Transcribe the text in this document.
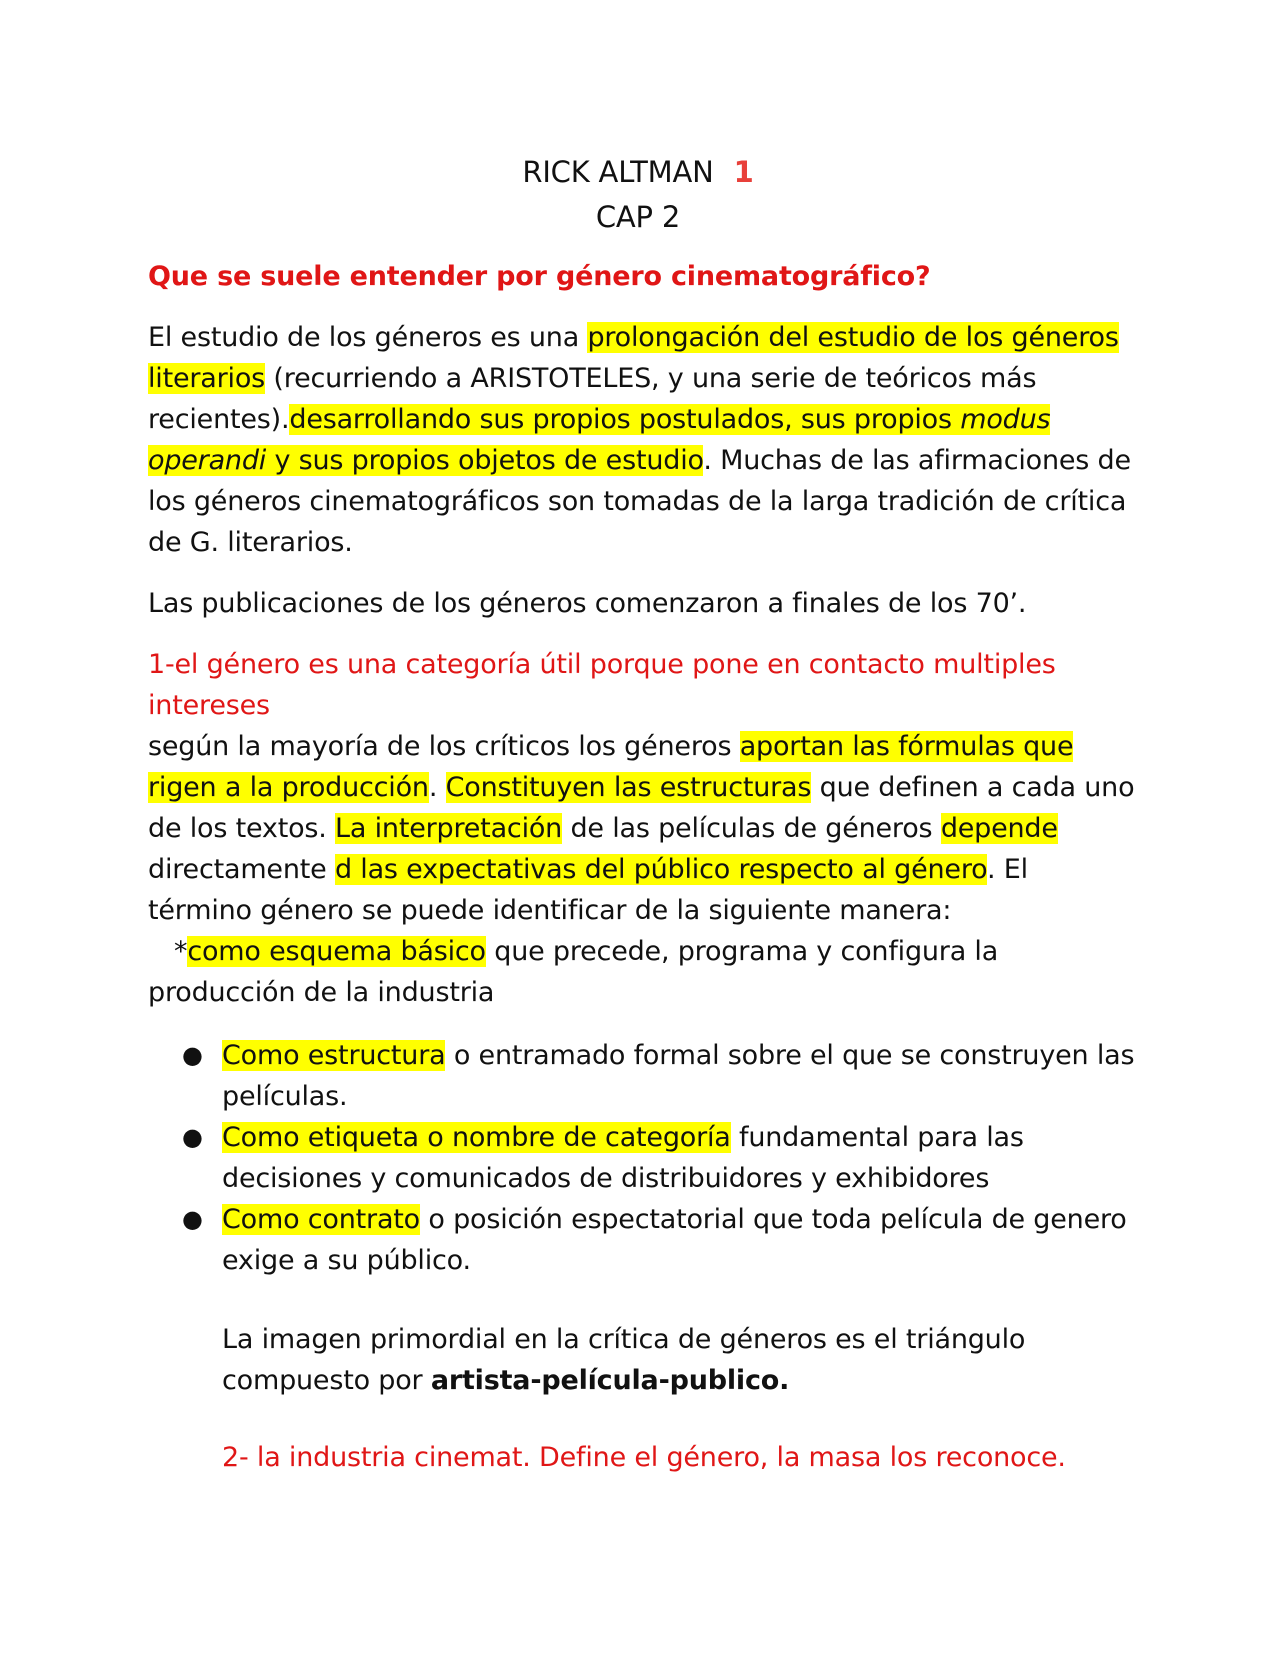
RICK ALTMAN 1
CAP 2

Que se suele entender por género cinematográfico?

El estudio de los géneros es una prolongación del estudio de los géneros literarios (recurriendo a ARISTOTELES, y una serie de teóricos más recientes).desarrollando sus propios postulados, sus propios modus operandi y sus propios objetos de estudio. Muchas de las afirmaciones de los géneros cinematográficos son tomadas de la larga tradición de crítica de G. literarios.

Las publicaciones de los géneros comenzaron a finales de los 70’.

1-el género es una categoría útil porque pone en contacto multiples intereses

según la mayoría de los críticos los géneros aportan las fórmulas que rigen a la producción. Constituyen las estructuras que definen a cada uno de los textos. La interpretación de las películas de géneros depende directamente d las expectativas del público respecto al género. El término género se puede identificar de la siguiente manera:

*como esquema básico que precede, programa y configura la producción de la industria

● Como estructura o entramado formal sobre el que se construyen las películas.
● Como etiqueta o nombre de categoría fundamental para las decisiones y comunicados de distribuidores y exhibidores
● Como contrato o posición espectatorial que toda película de genero exige a su público.

La imagen primordial en la crítica de géneros es el triángulo compuesto por artista-película-publico.

2- la industria cinemat. Define el género, la masa los reconoce.
